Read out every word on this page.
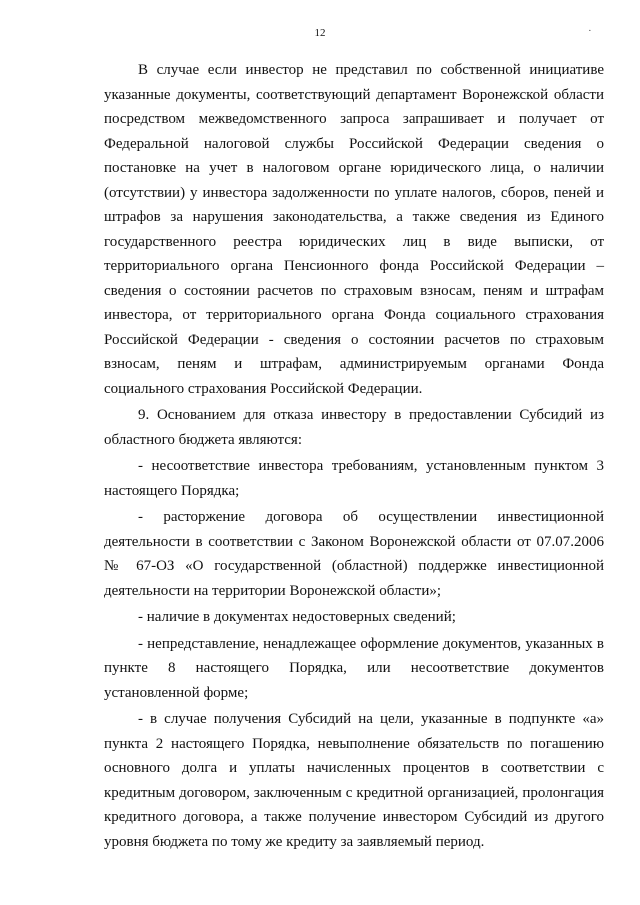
12	·

В случае если инвестор не представил по собственной инициативе указанные документы, соответствующий департамент Воронежской области посредством межведомственного запроса запрашивает и получает от Федеральной налоговой службы Российской Федерации сведения о постановке на учет в налоговом органе юридического лица, о наличии (отсутствии) у инвестора задолженности по уплате налогов, сборов, пеней и штрафов за нарушения законодательства, а также сведения из Единого государственного реестра юридических лиц в виде выписки, от территориального органа Пенсионного фонда Российской Федерации – сведения о состоянии расчетов по страховым взносам, пеням и штрафам инвестора, от территориального органа Фонда социального страхования Российской Федерации - сведения о состоянии расчетов по страховым взносам, пеням и штрафам, администрируемым органами Фонда социального страхования Российской Федерации.

9. Основанием для отказа инвестору в предоставлении Субсидий из областного бюджета являются:

- несоответствие инвестора требованиям, установленным пунктом 3 настоящего Порядка;

- расторжение договора об осуществлении инвестиционной деятельности в соответствии с Законом Воронежской области от 07.07.2006 № 67-ОЗ «О государственной (областной) поддержке инвестиционной деятельности на территории Воронежской области»;

- наличие в документах недостоверных сведений;

- непредставление, ненадлежащее оформление документов, указанных в пункте 8 настоящего Порядка, или несоответствие документов установленной форме;

- в случае получения Субсидий на цели, указанные в подпункте «а» пункта 2 настоящего Порядка, невыполнение обязательств по погашению основного долга и уплаты начисленных процентов в соответствии с кредитным договором, заключенным с кредитной организацией, пролонгация кредитного договора, а также получение инвестором Субсидий из другого уровня бюджета по тому же кредиту за заявляемый период.
